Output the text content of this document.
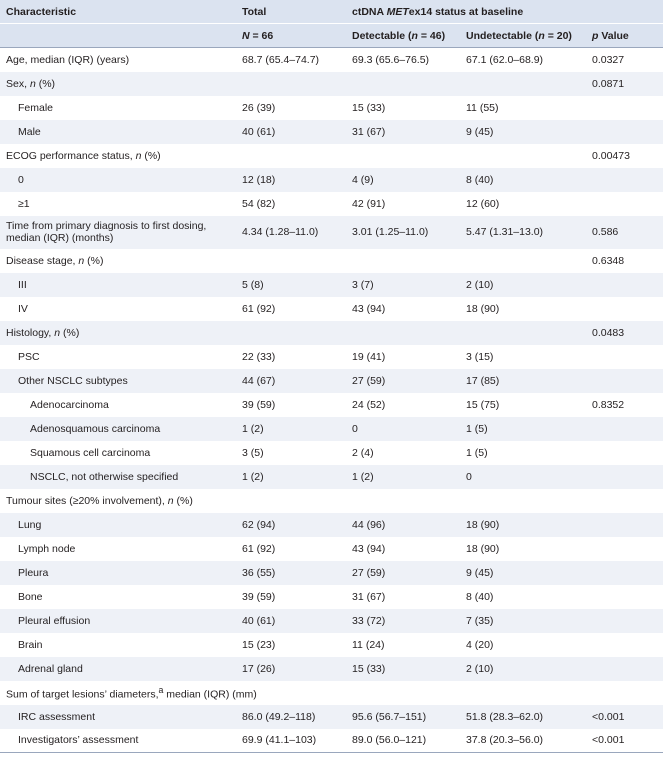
Characteristic	Total	ctDNA METex14 status at baseline		
	N = 66	Detectable (n = 46)	Undetectable (n = 20)	p Value
Age, median (IQR) (years)	68.7 (65.4–74.7)	69.3 (65.6–76.5)	67.1 (62.0–68.9)	0.0327
Sex, n (%)				0.0871
Female	26 (39)	15 (33)	11 (55)	
Male	40 (61)	31 (67)	9 (45)	
ECOG performance status, n (%)				0.00473
0	12 (18)	4 (9)	8 (40)	
≥1	54 (82)	42 (91)	12 (60)	
Time from primary diagnosis to first dosing, median (IQR) (months)	4.34 (1.28–11.0)	3.01 (1.25–11.0)	5.47 (1.31–13.0)	0.586
Disease stage, n (%)				0.6348
III	5 (8)	3 (7)	2 (10)	
IV	61 (92)	43 (94)	18 (90)	
Histology, n (%)				0.0483
PSC	22 (33)	19 (41)	3 (15)	
Other NSCLC subtypes	44 (67)	27 (59)	17 (85)	
Adenocarcinoma	39 (59)	24 (52)	15 (75)	0.8352
Adenosquamous carcinoma	1 (2)	0	1 (5)	
Squamous cell carcinoma	3 (5)	2 (4)	1 (5)	
NSCLC, not otherwise specified	1 (2)	1 (2)	0	
Tumour sites (≥20% involvement), n (%)				
Lung	62 (94)	44 (96)	18 (90)	
Lymph node	61 (92)	43 (94)	18 (90)	
Pleura	36 (55)	27 (59)	9 (45)	
Bone	39 (59)	31 (67)	8 (40)	
Pleural effusion	40 (61)	33 (72)	7 (35)	
Brain	15 (23)	11 (24)	4 (20)	
Adrenal gland	17 (26)	15 (33)	2 (10)	
Sum of target lesions’ diameters,$^a$ median (IQR) (mm)				
IRC assessment	86.0 (49.2–118)	95.6 (56.7–151)	51.8 (28.3–62.0)	<0.001
Investigators’ assessment	69.9 (41.1–103)	89.0 (56.0–121)	37.8 (20.3–56.0)	<0.001
